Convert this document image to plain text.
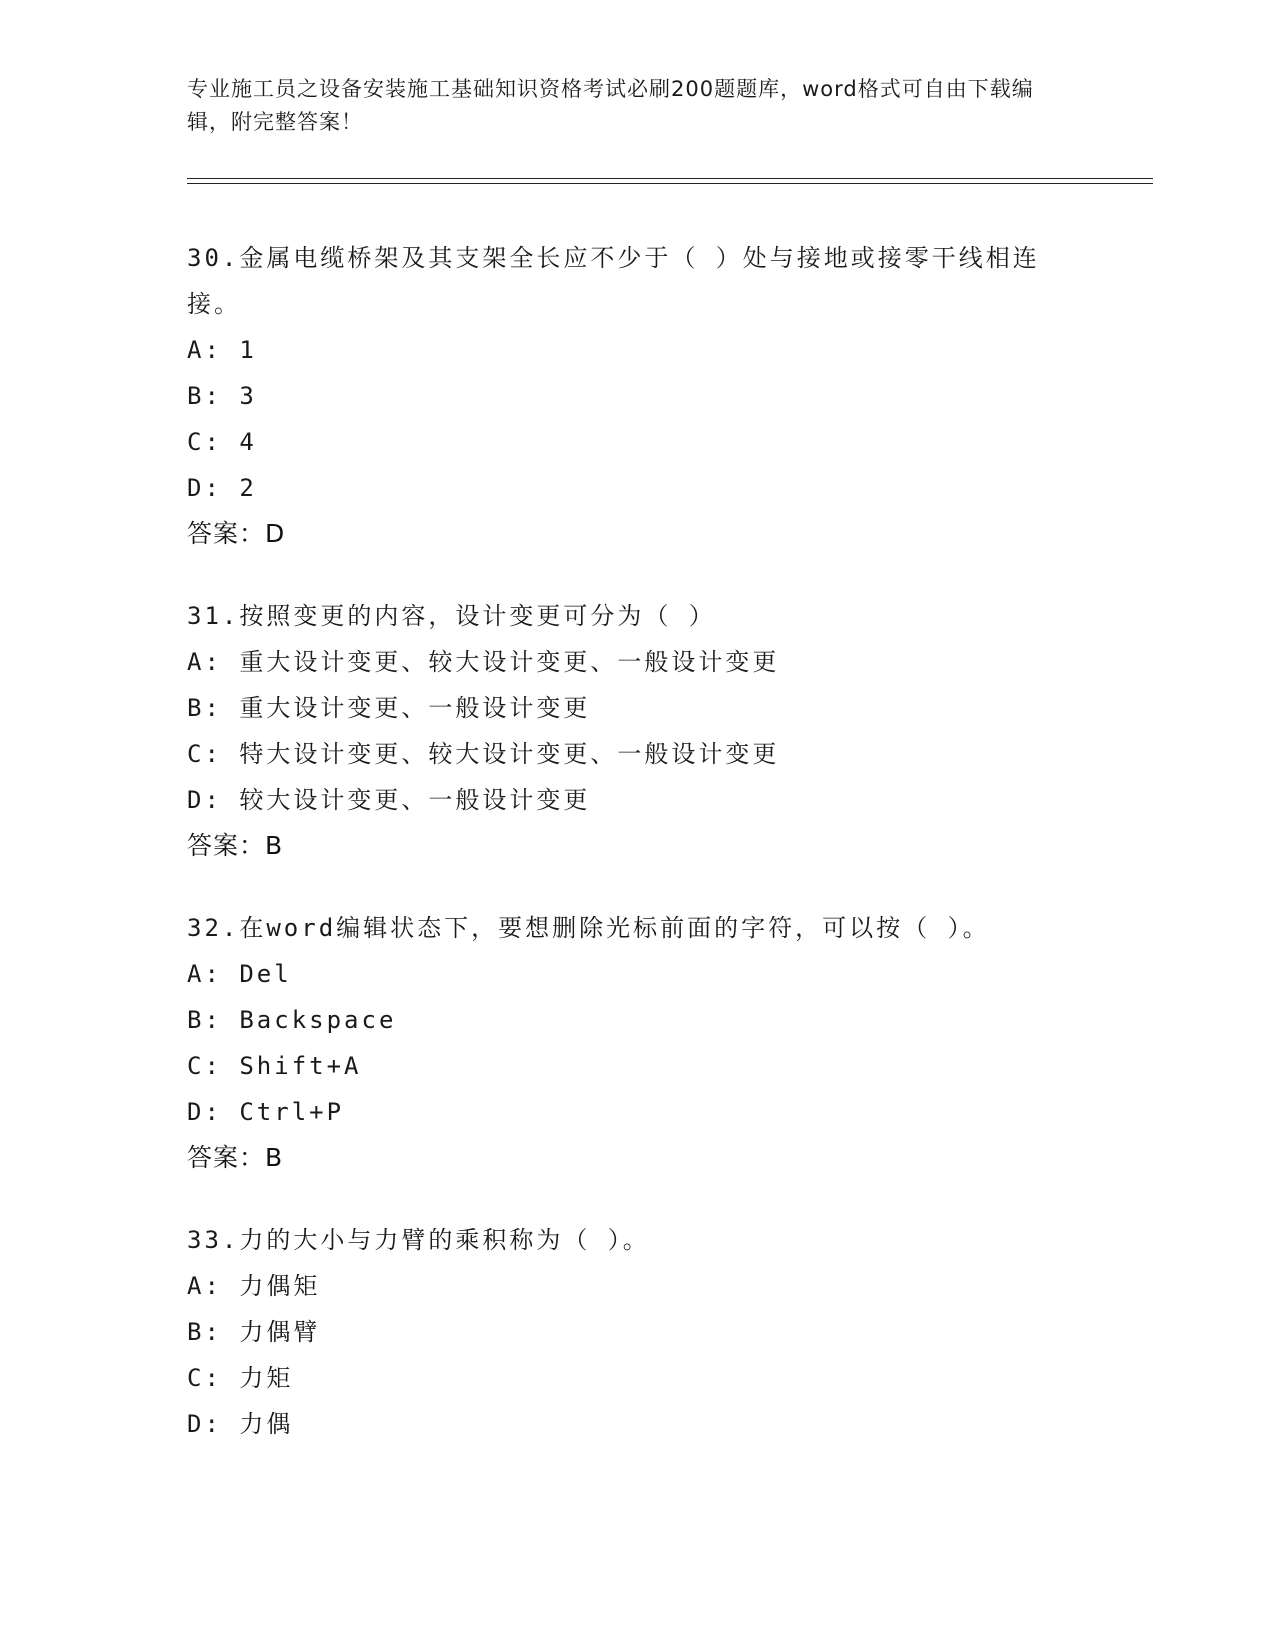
专业施工员之设备安装施工基础知识资格考试必刷200题题库，word格式可自由下载编辑，附完整答案！

30.金属电缆桥架及其支架全长应不少于（ ）处与接地或接零干线相连接。

A: 1

B: 3

C: 4

D: 2

答案：D

31.按照变更的内容，设计变更可分为（ ）

A: 重大设计变更、较大设计变更、一般设计变更

B: 重大设计变更、一般设计变更

C: 特大设计变更、较大设计变更、一般设计变更

D: 较大设计变更、一般设计变更

答案：B

32.在word编辑状态下，要想删除光标前面的字符，可以按（ ）。

A: Del

B: Backspace

C: Shift+A

D: Ctrl+P

答案：B

33.力的大小与力臂的乘积称为（ ）。

A: 力偶矩

B: 力偶臂

C: 力矩

D: 力偶
